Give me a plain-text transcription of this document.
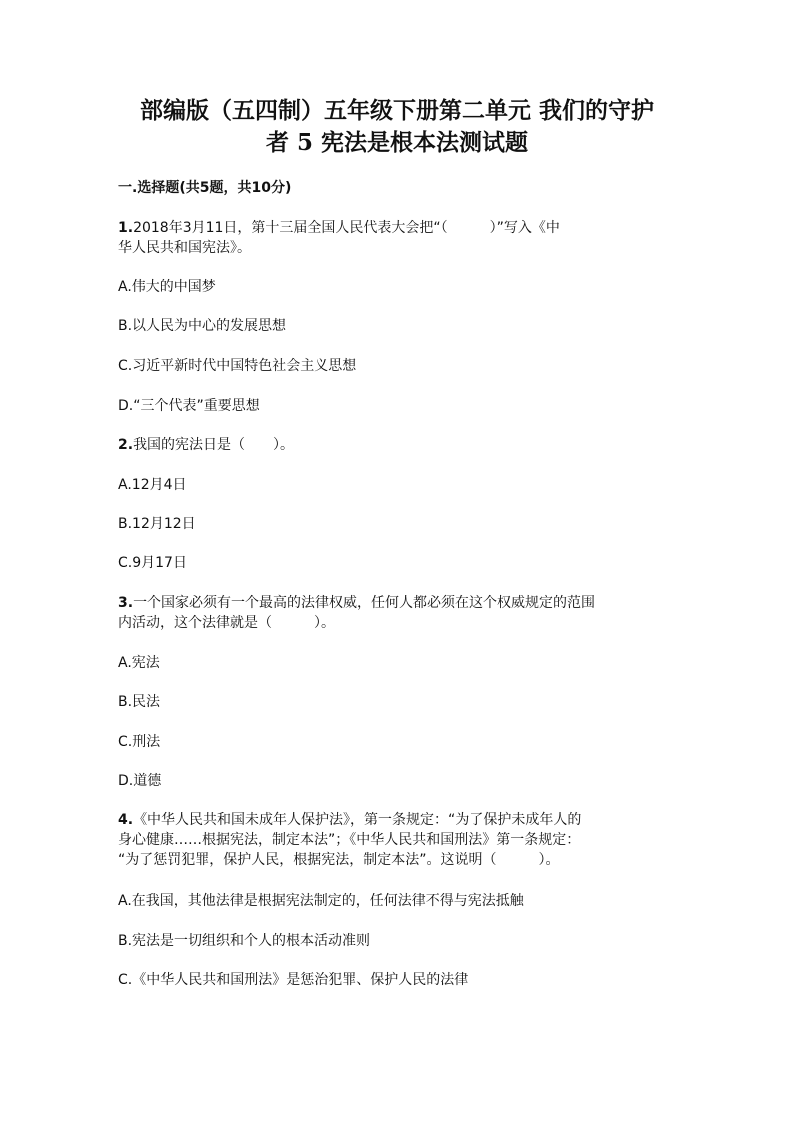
部编版（五四制）五年级下册第二单元 我们的守护
者 5 宪法是根本法测试题
一.选择题(共5题，共10分)
1.2018年3月11日，第十三届全国人民代表大会把“（　　　）”写入《中
华人民共和国宪法》。
A.伟大的中国梦
B.以人民为中心的发展思想
C.习近平新时代中国特色社会主义思想
D.“三个代表”重要思想
2.我国的宪法日是（　　）。
A.12月4日
B.12月12日
C.9月17日
3.一个国家必须有一个最高的法律权威，任何人都必须在这个权威规定的范围
内活动，这个法律就是（　　　）。
A.宪法
B.民法
C.刑法
D.道德
4.《中华人民共和国未成年人保护法》，第一条规定：“为了保护未成年人的
身心健康……根据宪法，制定本法”；《中华人民共和国刑法》第一条规定：
“为了惩罚犯罪，保护人民，根据宪法，制定本法”。这说明（　　　）。
A.在我国，其他法律是根据宪法制定的，任何法律不得与宪法抵触
B.宪法是一切组织和个人的根本活动准则
C.《中华人民共和国刑法》是惩治犯罪、保护人民的法律
